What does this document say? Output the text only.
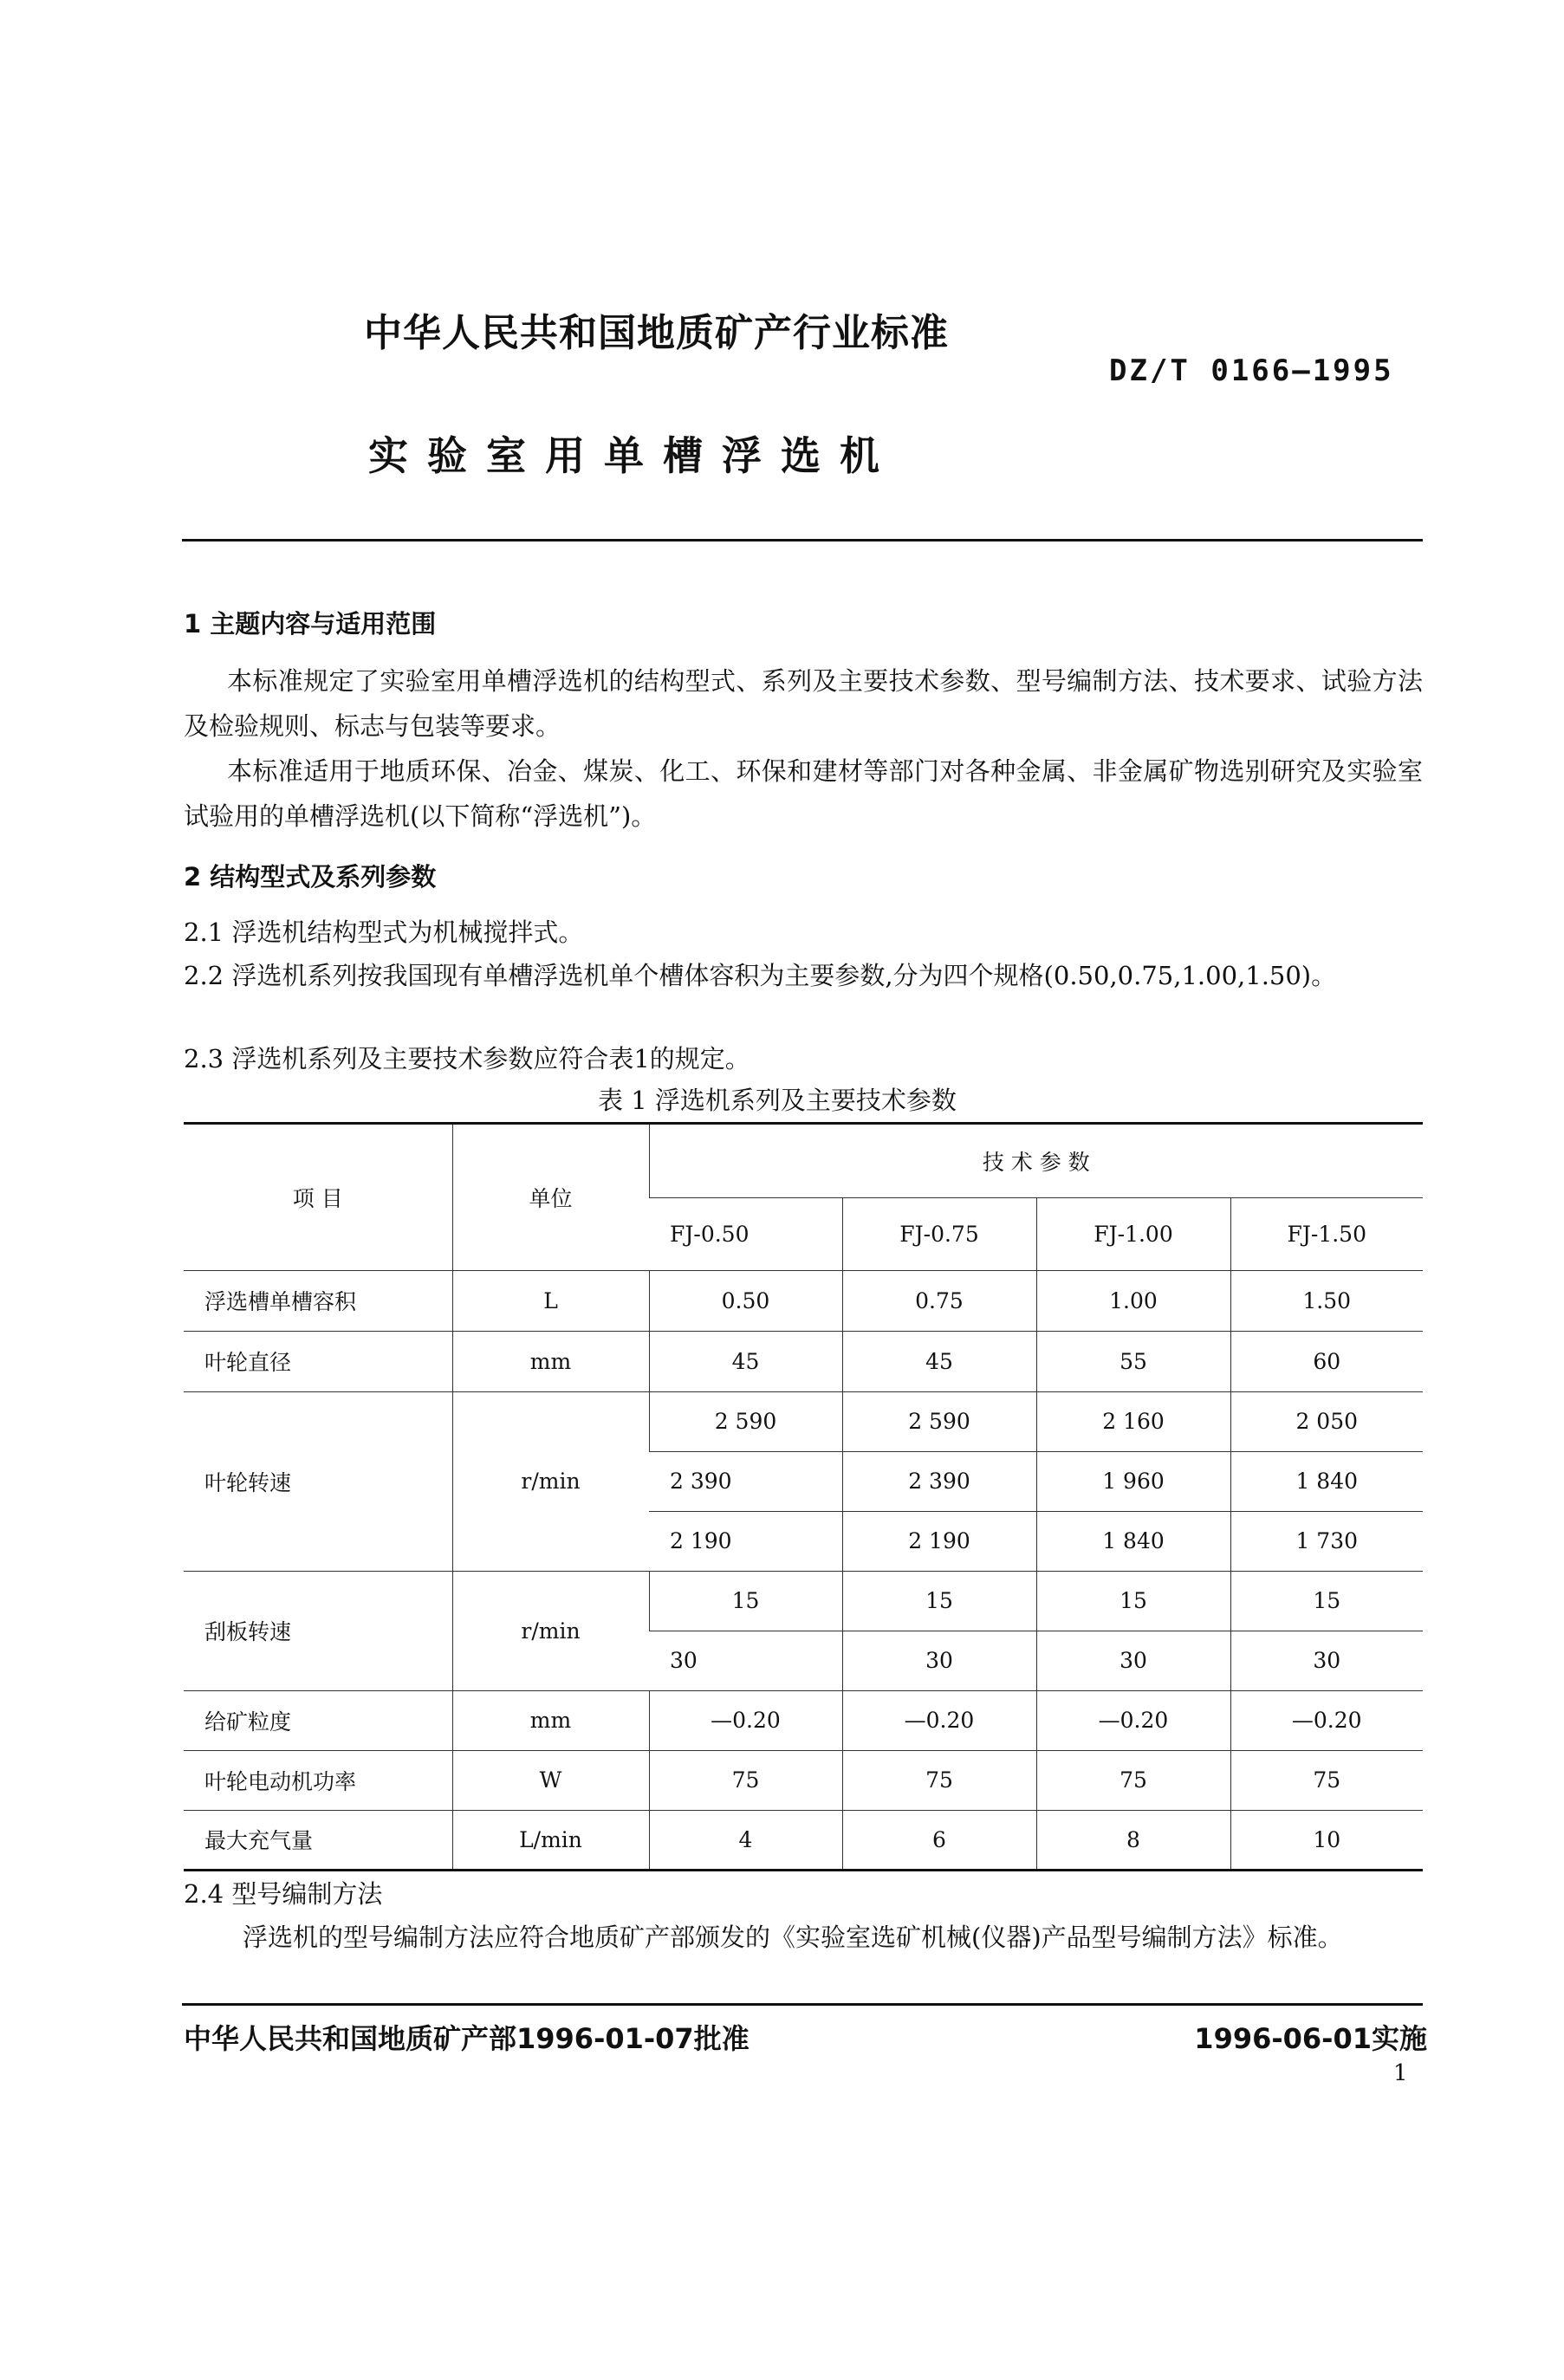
中华人民共和国地质矿产行业标准
DZ/T 0166—1995
实验室用单槽浮选机
1 主题内容与适用范围
本标准规定了实验室用单槽浮选机的结构型式、系列及主要技术参数、型号编制方法、技术要求、试验方法及检验规则、标志与包装等要求。
本标准适用于地质环保、冶金、煤炭、化工、环保和建材等部门对各种金属、非金属矿物选别研究及实验室试验用的单槽浮选机(以下简称“浮选机”)。
2 结构型式及系列参数
2.1 浮选机结构型式为机械搅拌式。
2.2 浮选机系列按我国现有单槽浮选机单个槽体容积为主要参数,分为四个规格(0.50,0.75,1.00,1.50)。
2.3 浮选机系列及主要技术参数应符合表1的规定。
表 1 浮选机系列及主要技术参数
项 目	单位	技 术 参 数			
		FJ-0.50	FJ-0.75	FJ-1.00	FJ-1.50
浮选槽单槽容积	L	0.50	0.75	1.00	1.50
叶轮直径	mm	45	45	55	60
叶轮转速	r/min	2 590	2 590	2 160	2 050
		2 390	2 390	1 960	1 840
		2 190	2 190	1 840	1 730
刮板转速	r/min	15	15	15	15
		30	30	30	30
给矿粒度	mm	—0.20	—0.20	—0.20	—0.20
叶轮电动机功率	W	75	75	75	75
最大充气量	L/min	4	6	8	10
2.4 型号编制方法
浮选机的型号编制方法应符合地质矿产部颁发的《实验室选矿机械(仪器)产品型号编制方法》标准。
中华人民共和国地质矿产部1996-01-07批准	1996-06-01实施
1
